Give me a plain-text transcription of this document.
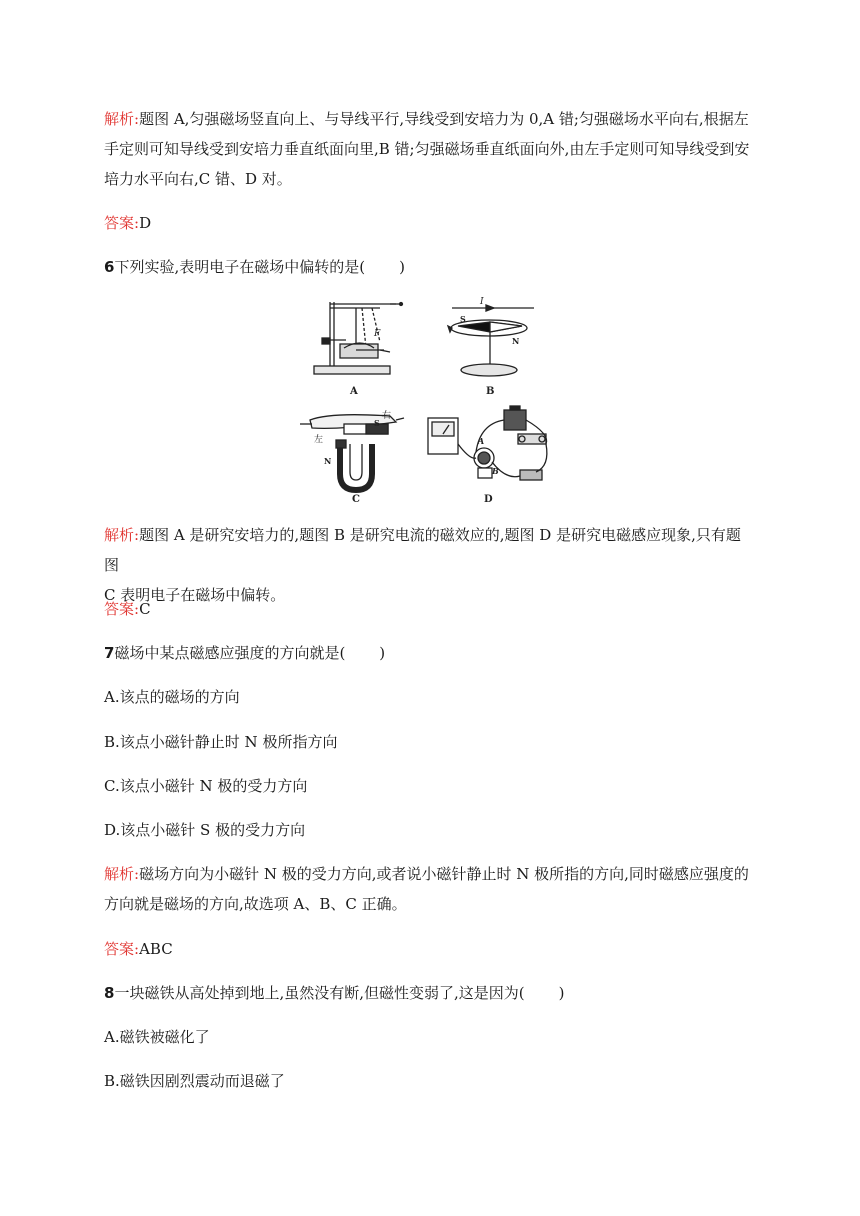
解析:题图 A,匀强磁场竖直向上、与导线平行,导线受到安培力为 0,A 错;匀强磁场水平向右,根据左
手定则可知导线受到安培力垂直纸面向里,B 错;匀强磁场垂直纸面向外,由左手定则可知导线受到安
培力水平向右,C 错、D 对。

答案:D

6下列实验,表明电子在磁场中偏转的是( )

F
A
I
S
N
B
右
S
左
N
C
A
B
D

解析:题图 A 是研究安培力的,题图 B 是研究电流的磁效应的,题图 D 是研究电磁感应现象,只有题图
C 表明电子在磁场中偏转。

答案:C

7磁场中某点磁感应强度的方向就是( )

A.该点的磁场的方向

B.该点小磁针静止时 N 极所指方向

C.该点小磁针 N 极的受力方向

D.该点小磁针 S 极的受力方向

解析:磁场方向为小磁针 N 极的受力方向,或者说小磁针静止时 N 极所指的方向,同时磁感应强度的
方向就是磁场的方向,故选项 A、B、C 正确。

答案:ABC

8一块磁铁从高处掉到地上,虽然没有断,但磁性变弱了,这是因为( )

A.磁铁被磁化了

B.磁铁因剧烈震动而退磁了
